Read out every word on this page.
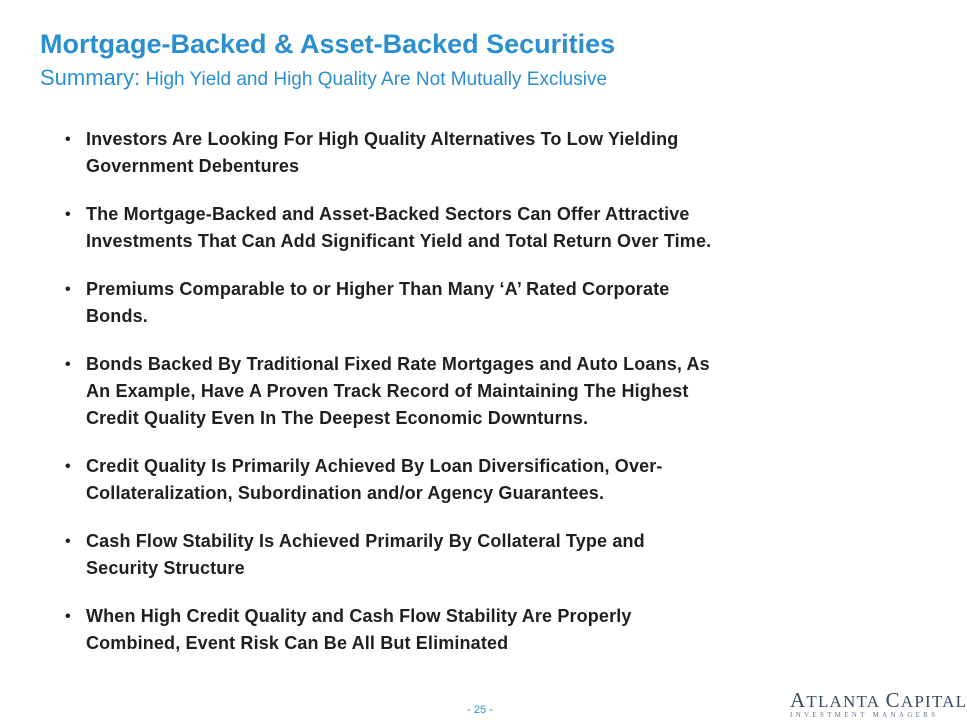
Mortgage-Backed & Asset-Backed Securities
Summary: High Yield and High Quality Are Not Mutually Exclusive
• Investors Are Looking For High Quality Alternatives To Low Yielding
Government Debentures
• The Mortgage-Backed and Asset-Backed Sectors Can Offer Attractive
Investments That Can Add Significant Yield and Total Return Over Time.
• Premiums Comparable to or Higher Than Many ‘A’ Rated Corporate
Bonds.
• Bonds Backed By Traditional Fixed Rate Mortgages and Auto Loans, As
An Example, Have A Proven Track Record of Maintaining The Highest
Credit Quality Even In The Deepest Economic Downturns.
• Credit Quality Is Primarily Achieved By Loan Diversification, Over-
Collateralization, Subordination and/or Agency Guarantees.
• Cash Flow Stability Is Achieved Primarily By Collateral Type and
Security Structure
• When High Credit Quality and Cash Flow Stability Are Properly
Combined, Event Risk Can Be All But Eliminated
- 25 -	ATLANTA CAPITAL
INVESTMENT MANAGERS
